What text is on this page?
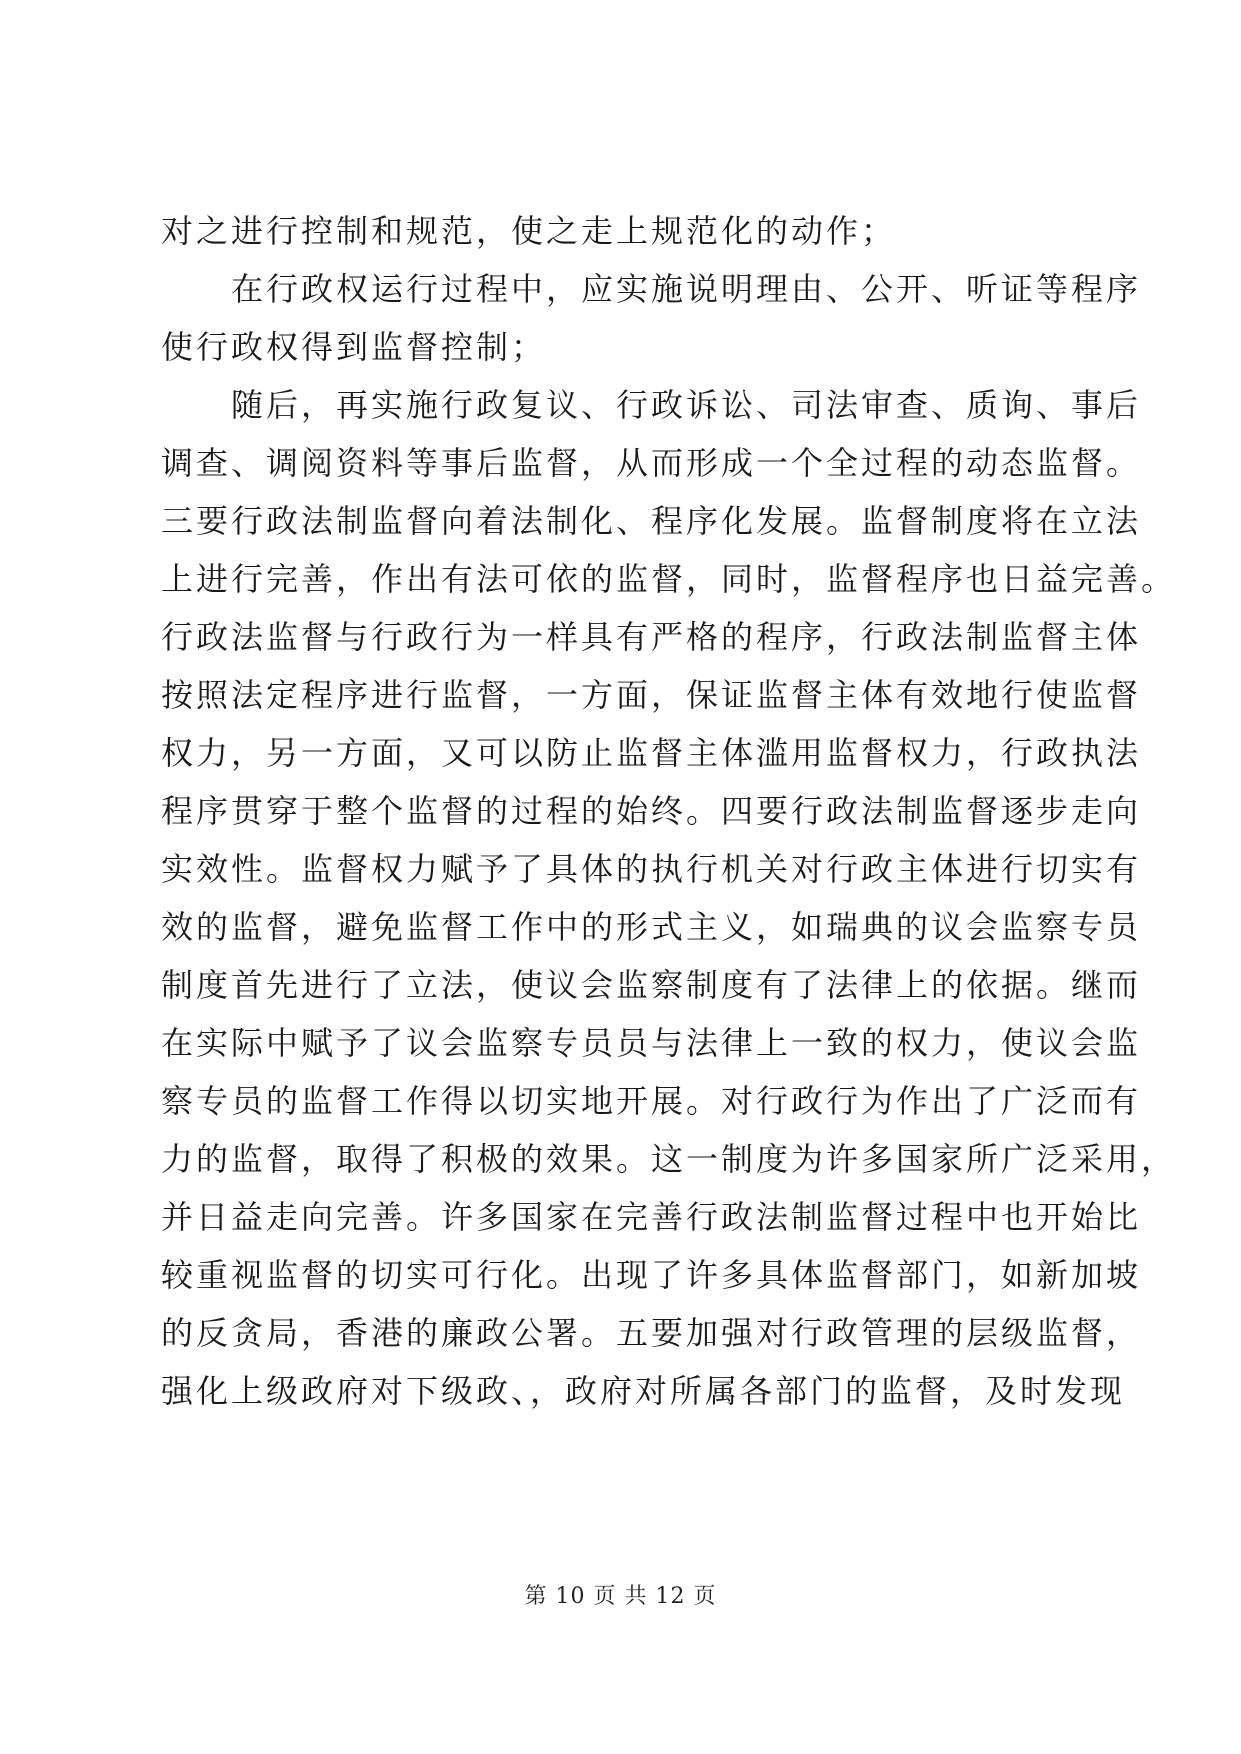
对之进行控制和规范，使之走上规范化的动作；
在行政权运行过程中，应实施说明理由、公开、听证等程序
使行政权得到监督控制；
随后，再实施行政复议、行政诉讼、司法审查、质询、事后
调查、调阅资料等事后监督，从而形成一个全过程的动态监督。
三要行政法制监督向着法制化、程序化发展。监督制度将在立法
上进行完善，作出有法可依的监督，同时，监督程序也日益完善。
行政法监督与行政行为一样具有严格的程序，行政法制监督主体
按照法定程序进行监督，一方面，保证监督主体有效地行使监督
权力，另一方面，又可以防止监督主体滥用监督权力，行政执法
程序贯穿于整个监督的过程的始终。四要行政法制监督逐步走向
实效性。监督权力赋予了具体的执行机关对行政主体进行切实有
效的监督，避免监督工作中的形式主义，如瑞典的议会监察专员
制度首先进行了立法，使议会监察制度有了法律上的依据。继而
在实际中赋予了议会监察专员员与法律上一致的权力，使议会监
察专员的监督工作得以切实地开展。对行政行为作出了广泛而有
力的监督，取得了积极的效果。这一制度为许多国家所广泛采用，
并日益走向完善。许多国家在完善行政法制监督过程中也开始比
较重视监督的切实可行化。出现了许多具体监督部门，如新加坡
的反贪局，香港的廉政公署。五要加强对行政管理的层级监督，
强化上级政府对下级政、，政府对所属各部门的监督，及时发现
第 10 页 共 12 页
